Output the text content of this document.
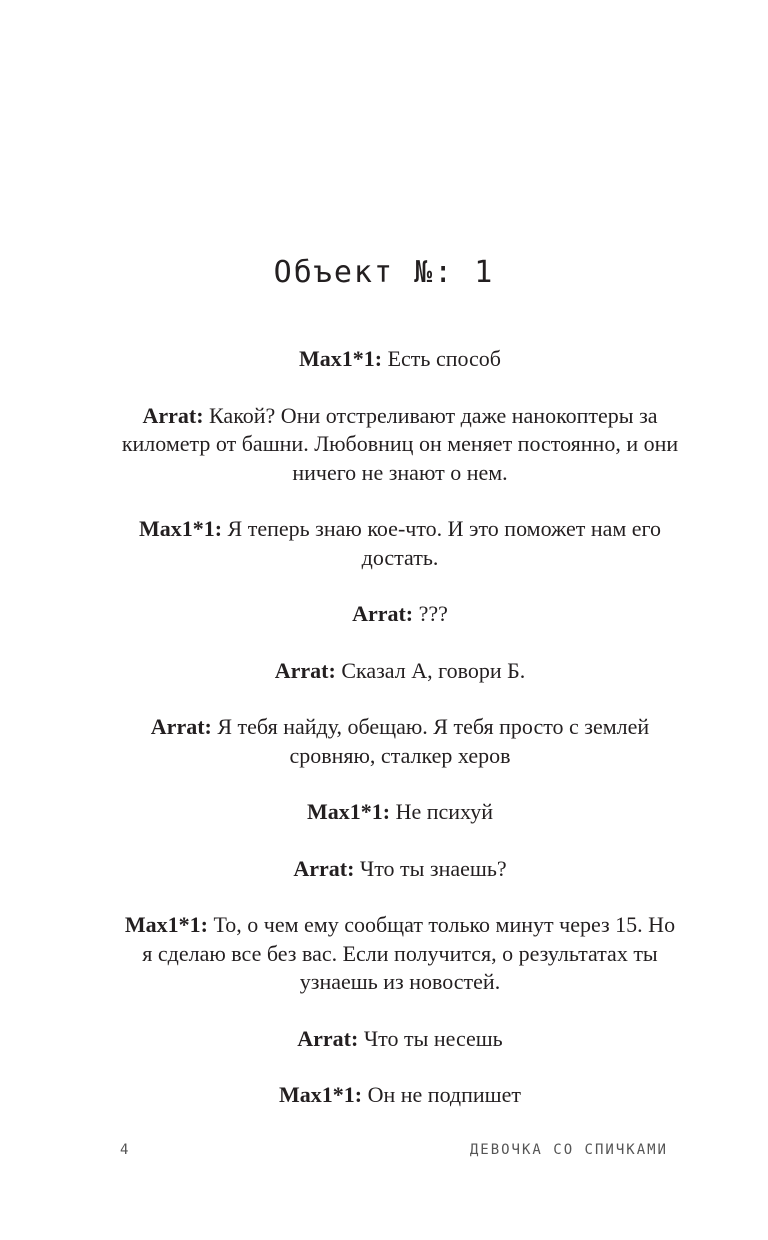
Объект №: 1

Max1*1: Есть способ

Arrat: Какой? Они отстреливают даже нанокоптеры за километр от башни. Любовниц он меняет постоянно, и они ничего не знают о нем.

Max1*1: Я теперь знаю кое-что. И это поможет нам его достать.

Arrat: ???

Arrat: Сказал А, говори Б.

Arrat: Я тебя найду, обещаю. Я тебя просто с землей сровняю, сталкер херов

Max1*1: Не психуй

Arrat: Что ты знаешь?

Max1*1: То, о чем ему сообщат только минут через 15. Но я сделаю все без вас. Если получится, о результатах ты узнаешь из новостей.

Arrat: Что ты несешь

Max1*1: Он не подпишет

4	ДЕВОЧКА СО СПИЧКАМИ
